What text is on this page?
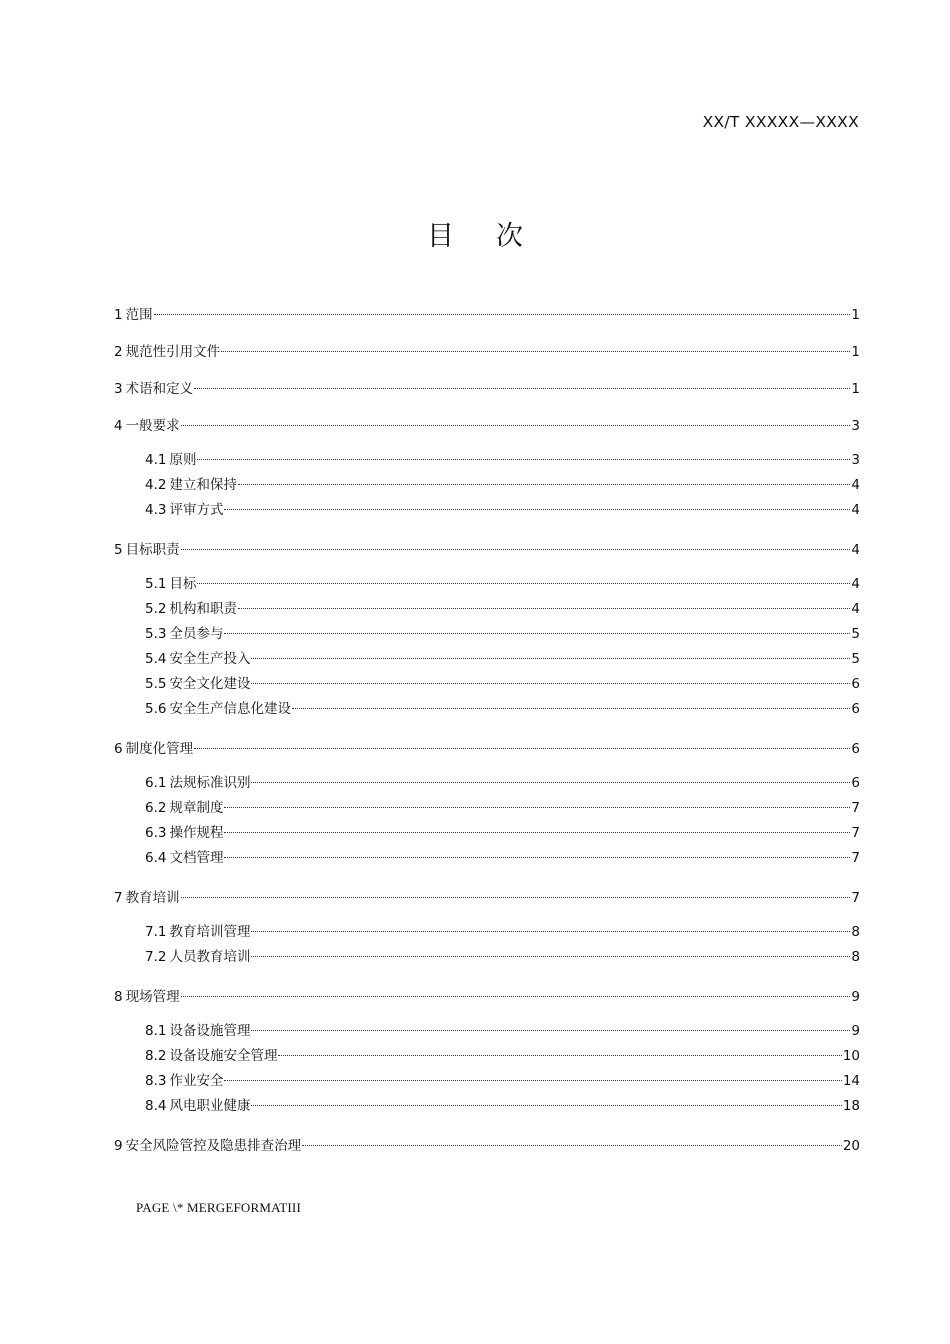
XX/T XXXXX—XXXX
目次
1 范围	1
2 规范性引用文件	1
3 术语和定义	1
4 一般要求	3
4.1 原则	3
4.2 建立和保持	4
4.3 评审方式	4
5 目标职责	4
5.1 目标	4
5.2 机构和职责	4
5.3 全员参与	5
5.4 安全生产投入	5
5.5 安全文化建设	6
5.6 安全生产信息化建设	6
6 制度化管理	6
6.1 法规标准识别	6
6.2 规章制度	7
6.3 操作规程	7
6.4 文档管理	7
7 教育培训	7
7.1 教育培训管理	8
7.2 人员教育培训	8
8 现场管理	9
8.1 设备设施管理	9
8.2 设备设施安全管理	10
8.3 作业安全	14
8.4 风电职业健康	18
9 安全风险管控及隐患排查治理	20
PAGE \* MERGEFORMATIII
